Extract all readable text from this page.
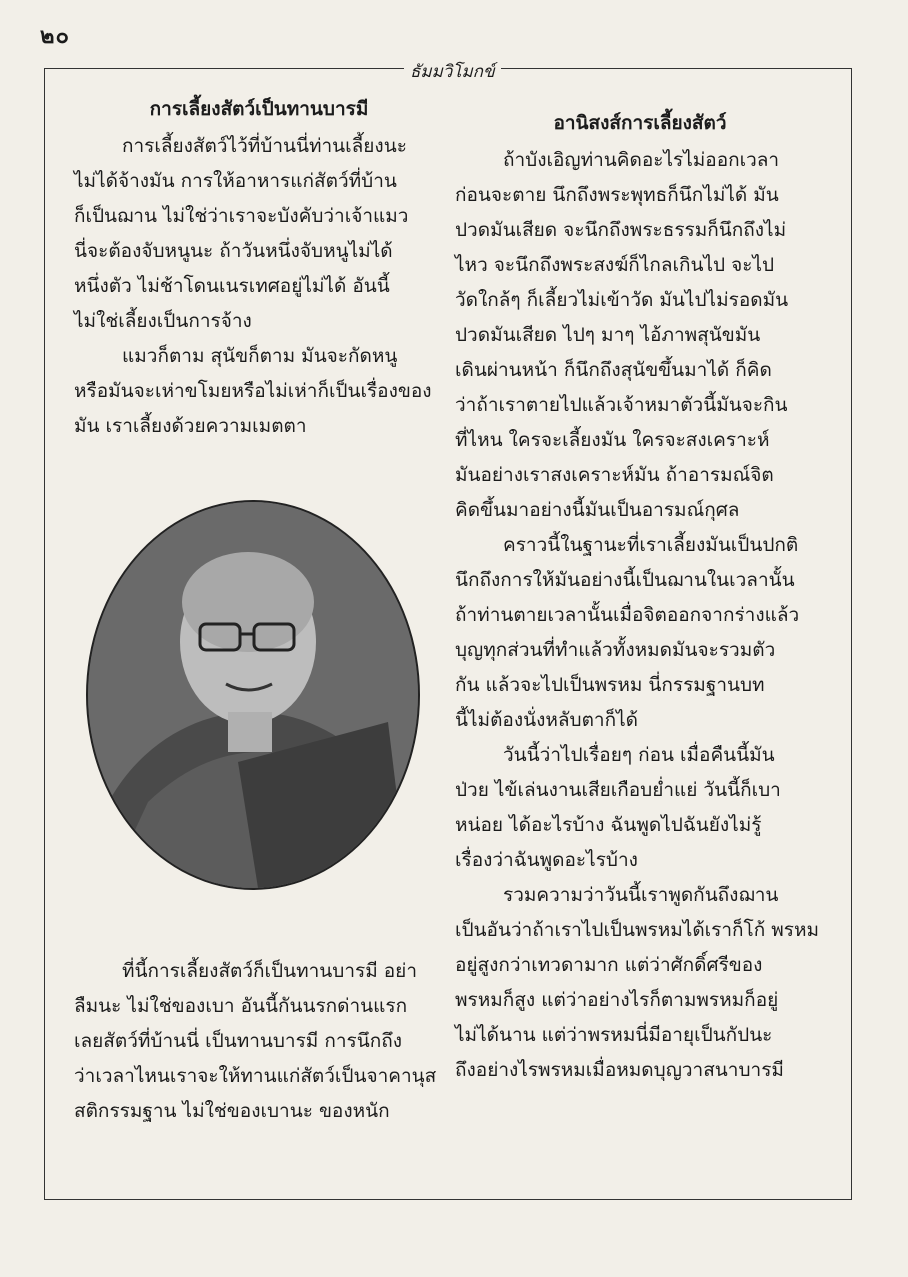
๒๐
ธัมมวิโมกข์
การเลี้ยงสัตว์เป็นทานบารมี
การเลี้ยงสัตว์ไว้ที่บ้านนี่ท่านเลี้ยงนะ
ไม่ได้จ้างมัน การให้อาหารแก่สัตว์ที่บ้าน
ก็เป็นฌาน ไม่ใช่ว่าเราจะบังคับว่าเจ้าแมว
นี่จะต้องจับหนูนะ ถ้าวันหนึ่งจับหนูไม่ได้
หนึ่งตัว ไม่ช้าโดนเนรเทศอยู่ไม่ได้ อันนี้
ไม่ใช่เลี้ยงเป็นการจ้าง
แมวก็ตาม สุนัขก็ตาม มันจะกัดหนู
หรือมันจะเห่าขโมยหรือไม่เห่าก็เป็นเรื่องของ
มัน เราเลี้ยงด้วยความเมตตา
ที่นี้การเลี้ยงสัตว์ก็เป็นทานบารมี อย่า
ลืมนะ ไม่ใช่ของเบา อันนี้กันนรกด่านแรก
เลยสัตว์ที่บ้านนี่ เป็นทานบารมี การนึกถึง
ว่าเวลาไหนเราจะให้ทานแก่สัตว์เป็นจาคานุส
สติกรรมฐาน ไม่ใช่ของเบานะ ของหนัก
อานิสงส์การเลี้ยงสัตว์
ถ้าบังเอิญท่านคิดอะไรไม่ออกเวลา
ก่อนจะตาย นึกถึงพระพุทธก็นึกไม่ได้ มัน
ปวดมันเสียด จะนึกถึงพระธรรมก็นึกถึงไม่
ไหว จะนึกถึงพระสงฆ์ก็ไกลเกินไป จะไป
วัดใกล้ๆ ก็เลี้ยวไม่เข้าวัด มันไปไม่รอดมัน
ปวดมันเสียด ไปๆ มาๆ ไอ้ภาพสุนัขมัน
เดินผ่านหน้า ก็นึกถึงสุนัขขึ้นมาได้ ก็คิด
ว่าถ้าเราตายไปแล้วเจ้าหมาตัวนี้มันจะกิน
ที่ไหน ใครจะเลี้ยงมัน ใครจะสงเคราะห์
มันอย่างเราสงเคราะห์มัน ถ้าอารมณ์จิต
คิดขึ้นมาอย่างนี้มันเป็นอารมณ์กุศล
คราวนี้ในฐานะที่เราเลี้ยงมันเป็นปกติ
นึกถึงการให้มันอย่างนี้เป็นฌานในเวลานั้น
ถ้าท่านตายเวลานั้นเมื่อจิตออกจากร่างแล้ว
บุญทุกส่วนที่ทำแล้วทั้งหมดมันจะรวมตัว
กัน แล้วจะไปเป็นพรหม นี่กรรมฐานบท
นี้ไม่ต้องนั่งหลับตาก็ได้
วันนี้ว่าไปเรื่อยๆ ก่อน เมื่อคืนนี้มัน
ป่วย ไข้เล่นงานเสียเกือบย่ำแย่ วันนี้ก็เบา
หน่อย ได้อะไรบ้าง ฉันพูดไปฉันยังไม่รู้
เรื่องว่าฉันพูดอะไรบ้าง
รวมความว่าวันนี้เราพูดกันถึงฌาน
เป็นอันว่าถ้าเราไปเป็นพรหมได้เราก็โก้ พรหม
อยู่สูงกว่าเทวดามาก แต่ว่าศักดิ์ศรีของ
พรหมก็สูง แต่ว่าอย่างไรก็ตามพรหมก็อยู่
ไม่ได้นาน แต่ว่าพรหมนี่มีอายุเป็นกัปนะ
ถึงอย่างไรพรหมเมื่อหมดบุญวาสนาบารมี
